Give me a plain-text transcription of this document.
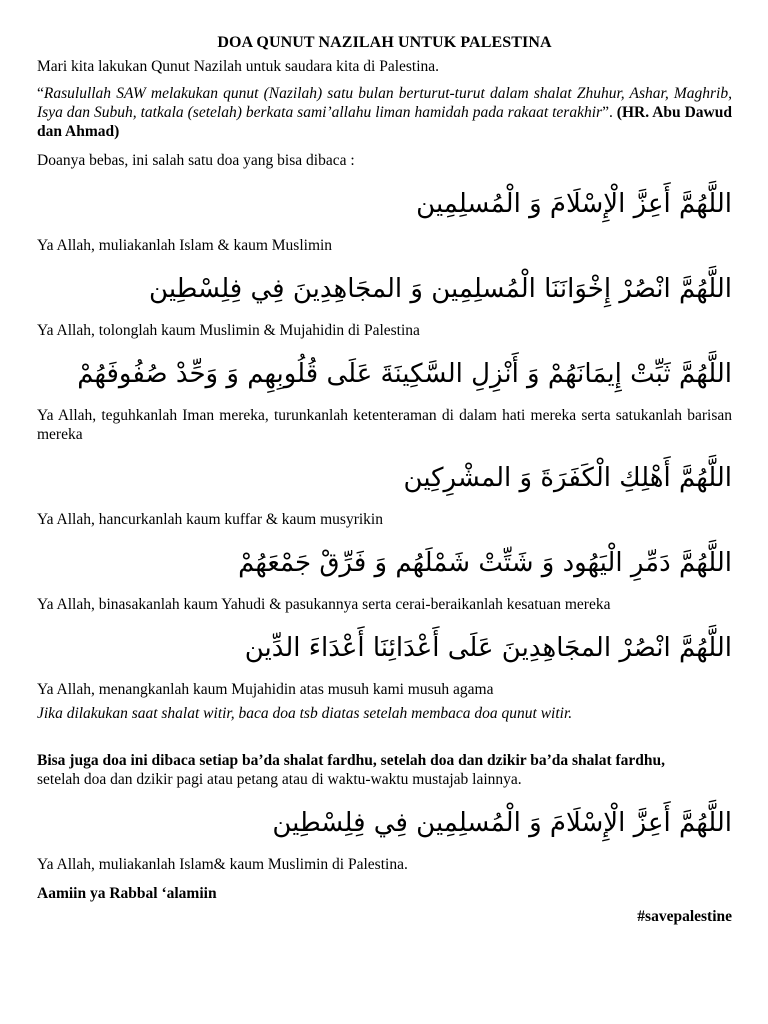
DOA QUNUT NAZILAH UNTUK PALESTINA

Mari kita lakukan Qunut Nazilah untuk saudara kita di Palestina.

“Rasulullah SAW melakukan qunut (Nazilah) satu bulan berturut-turut dalam shalat Zhuhur, Ashar, Maghrib, Isya dan Subuh, tatkala (setelah) berkata sami’allahu liman hamidah pada rakaat terakhir”. (HR. Abu Dawud dan Ahmad)

Doanya bebas, ini salah satu doa yang bisa dibaca :

اللَّهُمَّ أَعِزَّ الْإِسْلَامَ وَ الْمُسلِمِين

Ya Allah, muliakanlah Islam & kaum Muslimin

اللَّهُمَّ انْصُرْ إِخْوَانَنَا الْمُسلِمِين وَ المجَاهِدِينَ فِي فِلِسْطِين

Ya Allah, tolonglah kaum Muslimin & Mujahidin di Palestina

اللَّهُمَّ ثَبِّتْ إِيمَانَهُمْ وَ أَنْزِلِ السَّكِينَةَ عَلَى قُلُوبِهِم وَ وَحِّدْ صُفُوفَهُمْ

Ya Allah, teguhkanlah Iman mereka, turunkanlah ketenteraman di dalam hati mereka serta satukanlah barisan mereka

اللَّهُمَّ أَهْلِكِ الْكَفَرَةَ وَ المشْرِكِين

Ya Allah, hancurkanlah kaum kuffar & kaum musyrikin

اللَّهُمَّ دَمِّرِ الْيَهُود وَ شَتِّتْ شَمْلَهُم وَ فَرِّقْ جَمْعَهُمْ

Ya Allah, binasakanlah kaum Yahudi & pasukannya serta cerai-beraikanlah kesatuan mereka

اللَّهُمَّ انْصُرْ المجَاهِدِينَ عَلَى أَعْدَائِنَا أَعْدَاءَ الدِّين

Ya Allah, menangkanlah kaum Mujahidin atas musuh kami musuh agama

Jika dilakukan saat shalat witir, baca doa tsb diatas setelah membaca doa qunut witir.

Bisa juga doa ini dibaca setiap ba’da shalat fardhu, setelah doa dan dzikir ba’da shalat fardhu,

setelah doa dan dzikir pagi atau petang atau di waktu-waktu mustajab lainnya.

اللَّهُمَّ أَعِزَّ الْإِسْلَامَ وَ الْمُسلِمِين فِي فِلِسْطِين

Ya Allah, muliakanlah Islam& kaum Muslimin di Palestina.

Aamiin ya Rabbal ‘alamiin

#savepalestine
